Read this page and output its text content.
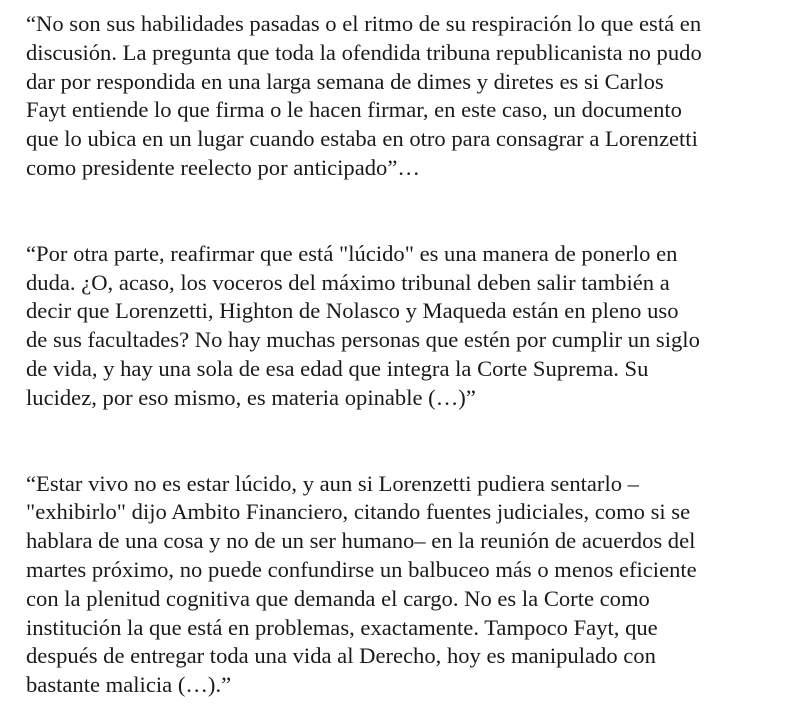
“No son sus habilidades pasadas o el ritmo de su respiración lo que está en
discusión. La pregunta que toda la ofendida tribuna republicanista no pudo
dar por respondida en una larga semana de dimes y diretes es si Carlos
Fayt entiende lo que firma o le hacen firmar, en este caso, un documento
que lo ubica en un lugar cuando estaba en otro para consagrar a Lorenzetti
como presidente reelecto por anticipado”…

“Por otra parte, reafirmar que está "lúcido" es una manera de ponerlo en
duda. ¿O, acaso, los voceros del máximo tribunal deben salir también a
decir que Lorenzetti, Highton de Nolasco y Maqueda están en pleno uso
de sus facultades? No hay muchas personas que estén por cumplir un siglo
de vida, y hay una sola de esa edad que integra la Corte Suprema. Su
lucidez, por eso mismo, es materia opinable (…)”

“Estar vivo no es estar lúcido, y aun si Lorenzetti pudiera sentarlo –
"exhibirlo" dijo Ambito Financiero, citando fuentes judiciales, como si se
hablara de una cosa y no de un ser humano– en la reunión de acuerdos del
martes próximo, no puede confundirse un balbuceo más o menos eficiente
con la plenitud cognitiva que demanda el cargo. No es la Corte como
institución la que está en problemas, exactamente. Tampoco Fayt, que
después de entregar toda una vida al Derecho, hoy es manipulado con
bastante malicia (…).”
